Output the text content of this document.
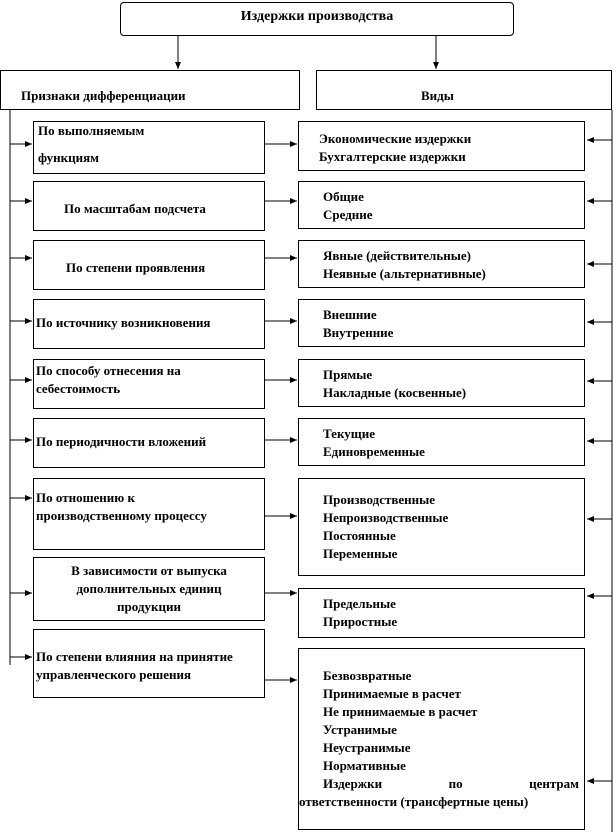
Издержки производства
Признаки дифференциации	Виды
По выполняемым
функциям
По масштабам подсчета
По степени проявления
По источнику возникновения
По способу отнесения на
себестоимость
По периодичности вложений
По отношению к
производственному процессу
В зависимости от выпуска
дополнительных единиц
продукции
По степени влияния на принятие
управленческого решения
Экономические издержки
Бухгалтерские издержки
Общие
Средние
Явные (действительные)
Неявные (альтернативные)
Внешние
Внутренние
Прямые
Накладные (косвенные)
Текущие
Единовременные
Производственные
Непроизводственные
Постоянные
Переменные
Предельные
Приростные
Безвозвратные
Принимаемые в расчет
Не принимаемые в расчет
Устранимые
Неустранимые
Нормативные
Издержки	по	центрам
ответственности (трансфертные цены)
